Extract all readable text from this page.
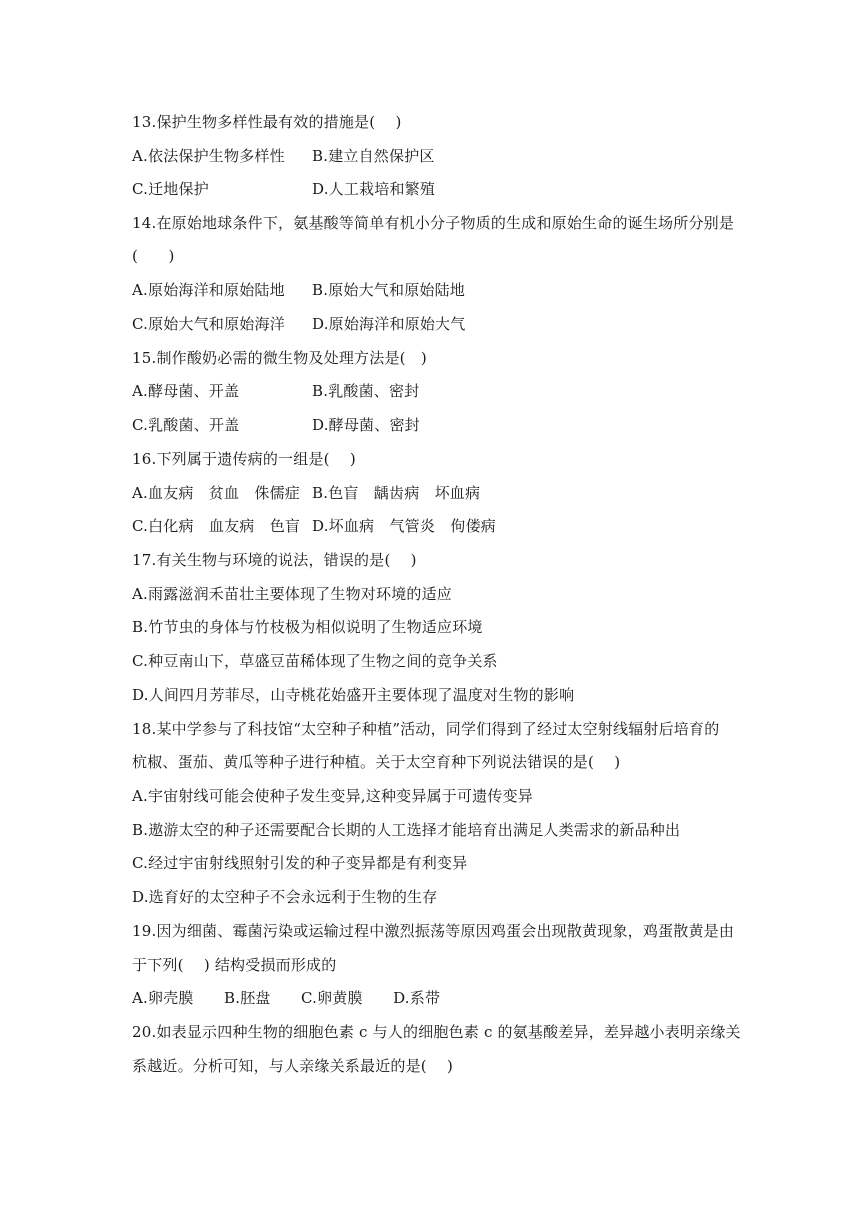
13.保护生物多样性最有效的措施是(　 )
A.依法保护生物多样性 B.建立自然保护区
C.迁地保护	D.人工栽培和繁殖
14.在原始地球条件下，氨基酸等简单有机小分子物质的生成和原始生命的诞生场所分别是
(　　)
A.原始海洋和原始陆地 B.原始大气和原始陆地
C.原始大气和原始海洋 D.原始海洋和原始大气
15.制作酸奶必需的微生物及处理方法是(　)
A.酵母菌、开盖	B.乳酸菌、密封
C.乳酸菌、开盖	D.酵母菌、密封
16.下列属于遗传病的一组是(　 )
A.血友病　贫血　侏儒症 B.色盲　龋齿病　坏血病
C.白化病　血友病　色盲 D.坏血病　气管炎　佝偻病
17.有关生物与环境的说法，错误的是(　 )
A.雨露滋润禾苗壮主要体现了生物对环境的适应
B.竹节虫的身体与竹枝极为相似说明了生物适应环境
C.种豆南山下，草盛豆苗稀体现了生物之间的竞争关系
D.人间四月芳菲尽，山寺桃花始盛开主要体现了温度对生物的影响
18.某中学参与了科技馆“太空种子种植”活动，同学们得到了经过太空射线辐射后培育的
杭椒、蛋茄、黄瓜等种子进行种植。关于太空育种下列说法错误的是(　 )
A.宇宙射线可能会使种子发生变异,这种变异属于可遗传变异
B.遨游太空的种子还需要配合长期的人工选择才能培育出满足人类需求的新品种出
C.经过宇宙射线照射引发的种子变异都是有利变异
D.选育好的太空种子不会永远利于生物的生存
19.因为细菌、霉菌污染或运输过程中激烈振荡等原因鸡蛋会出现散黄现象，鸡蛋散黄是由
于下列(　 ) 结构受损而形成的
A.卵壳膜　　B.胚盘　　C.卵黄膜　　D.系带
20.如表显示四种生物的细胞色素 c 与人的细胞色素 c 的氨基酸差异，差异越小表明亲缘关
系越近。分析可知，与人亲缘关系最近的是(　 )
